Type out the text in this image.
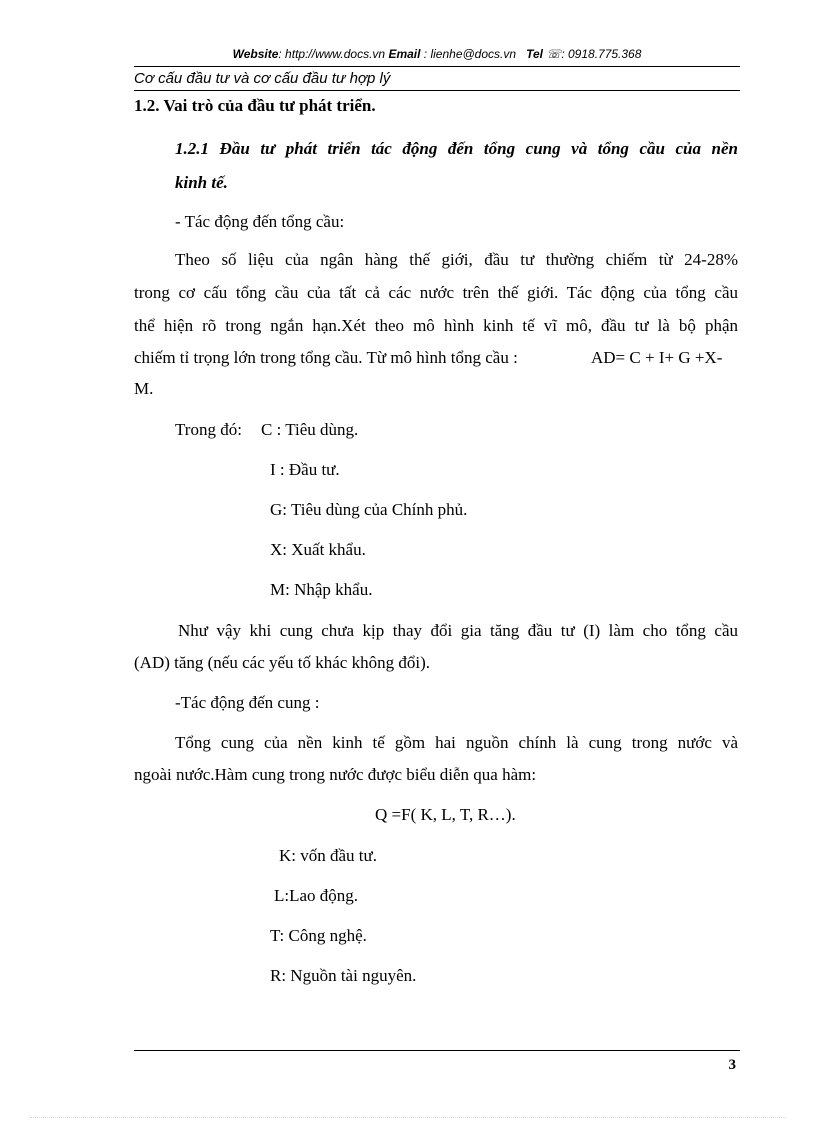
Website: http://www.docs.vn Email : lienhe@docs.vn Tel ☏: 0918.775.368
Cơ cấu đầu tư và cơ cấu đầu tư hợp lý
1.2. Vai trò của đầu tư phát triển.
1.2.1 Đầu tư phát triển tác động đến tổng cung và tổng cầu của nền
kinh tế.
- Tác động đến tổng cầu:
Theo số liệu của ngân hàng thế giới, đầu tư thường chiếm từ 24-28%
trong cơ cấu tổng cầu của tất cả các nước trên thế giới. Tác động của tổng cầu
thể hiện rõ trong ngắn hạn.Xét theo mô hình kinh tế vĩ mô, đầu tư là bộ phận
chiếm tỉ trọng lớn trong tổng cầu. Từ mô hình tổng cầu :	AD= C + I+ G +X-
M.
Trong đó: C : Tiêu dùng.
I : Đầu tư.
G: Tiêu dùng của Chính phủ.
X: Xuất khẩu.
M: Nhập khẩu.
Như vậy khi cung chưa kịp thay đổi gia tăng đầu tư (I) làm cho tổng cầu
(AD) tăng (nếu các yếu tố khác không đổi).
-Tác động đến cung :
Tổng cung của nền kinh tế gồm hai nguồn chính là cung trong nước và
ngoài nước.Hàm cung trong nước được biểu diễn qua hàm:
Q =F( K, L, T, R…).
K: vốn đầu tư.
L:Lao động.
T: Công nghệ.
R: Nguồn tài nguyên.
3
